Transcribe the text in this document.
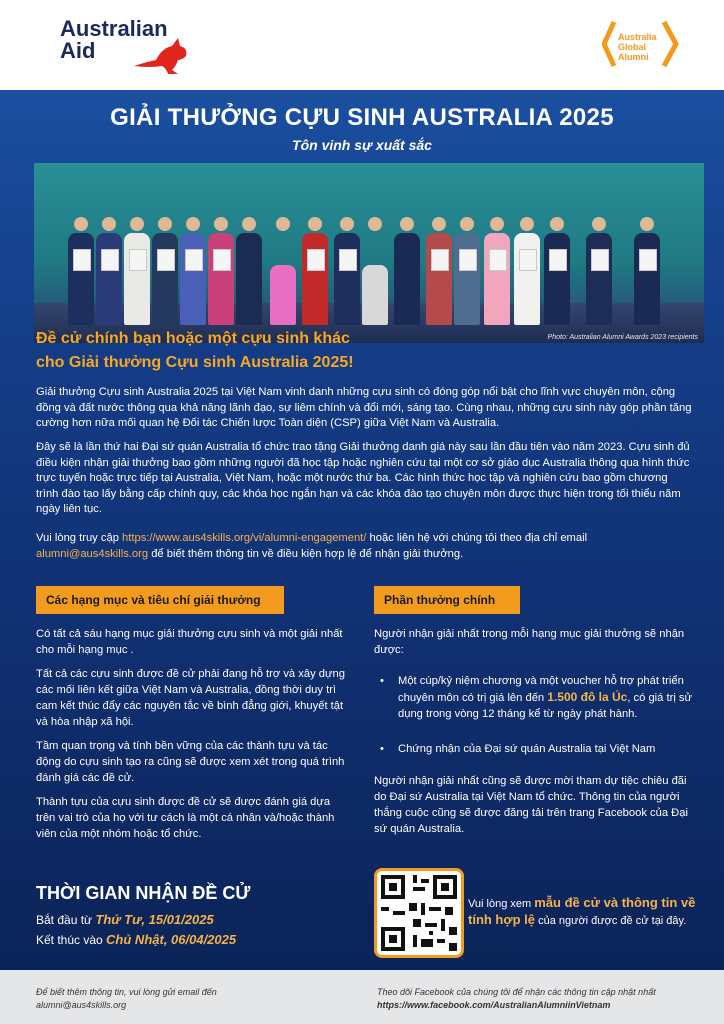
Australian Aid
Australia Global Alumni
GIẢI THƯỞNG CỰU SINH AUSTRALIA 2025
Tôn vinh sự xuất sắc
Photo: Australian Alumni Awards 2023 recipients
Đề cử chính bạn hoặc một cựu sinh khác
cho Giải thưởng Cựu sinh Australia 2025!
Giải thưởng Cựu sinh Australia 2025 tại Việt Nam vinh danh những cựu sinh có đóng góp nổi bật cho lĩnh vực chuyên môn, cộng đồng và đất nước thông qua khả năng lãnh đạo, sự liêm chính và đổi mới, sáng tạo. Cùng nhau, những cựu sinh này góp phần tăng cường hơn nữa mối quan hệ Đối tác Chiến lược Toàn diện (CSP) giữa Việt Nam và Australia.
Đây sẽ là lần thứ hai Đại sứ quán Australia tổ chức trao tặng Giải thưởng danh giá này sau lần đầu tiên vào năm 2023. Cựu sinh đủ điều kiện nhận giải thưởng bao gồm những người đã học tập hoặc nghiên cứu tại một cơ sở giáo dục Australia thông qua hình thức trực tuyến hoặc trực tiếp tại Australia, Việt Nam, hoặc một nước thứ ba. Các hình thức học tập và nghiên cứu bao gồm chương trình đào tạo lấy bằng cấp chính quy, các khóa học ngắn hạn và các khóa đào tạo chuyên môn được thực hiện trong tối thiểu năm ngày liên tục.
Vui lòng truy cập https://www.aus4skills.org/vi/alumni-engagement/ hoặc liên hệ với chúng tôi theo địa chỉ email alumni@aus4skills.org để biết thêm thông tin về điều kiện hợp lệ để nhận giải thưởng.
Các hạng mục và tiêu chí giải thưởng

Có tất cả sáu hạng mục giải thưởng cựu sinh và một giải nhất cho mỗi hạng mục .

Tất cả các cựu sinh được đề cử phải đang hỗ trợ và xây dựng các mối liên kết giữa Việt Nam và Australia, đồng thời duy trì cam kết thúc đẩy các nguyên tắc về bình đẳng giới, khuyết tật và hòa nhập xã hội.

Tầm quan trọng và tính bền vững của các thành tựu và tác động do cựu sinh tạo ra cũng sẽ được xem xét trong quá trình đánh giá các đề cử.

Thành tựu của cựu sinh được đề cử sẽ được đánh giá dựa trên vai trò của họ với tư cách là một cá nhân và/hoặc thành viên của một nhóm hoặc tổ chức.

Phần thưởng chính
Người nhận giải nhất trong mỗi hạng mục giải thưởng sẽ nhận được:
• Một cúp/kỷ niệm chương và một voucher hỗ trợ phát triển chuyên môn có trị giá lên đến 1.500 đô la Úc, có giá trị sử dụng trong vòng 12 tháng kể từ ngày phát hành.
• Chứng nhận của Đại sứ quán Australia tại Việt Nam
Người nhận giải nhất cũng sẽ được mời tham dự tiệc chiêu đãi do Đại sứ Australia tại Việt Nam tổ chức. Thông tin của người thắng cuộc cũng sẽ được đăng tải trên trang Facebook của Đại sứ quán Australia.
THỜI GIAN NHẬN ĐỀ CỬ
Bắt đầu từ Thứ Tư, 15/01/2025
Kết thúc vào Chủ Nhật, 06/04/2025
Vui lòng xem mẫu đề cử và thông tin về tính hợp lệ của người được đề cử tại đây.
Để biết thêm thông tin, vui lòng gửi email đến
alumni@aus4skills.org
Theo dõi Facebook của chúng tôi để nhận các thông tin cập nhật nhất
https://www.facebook.com/AustralianAlumniinVietnam
